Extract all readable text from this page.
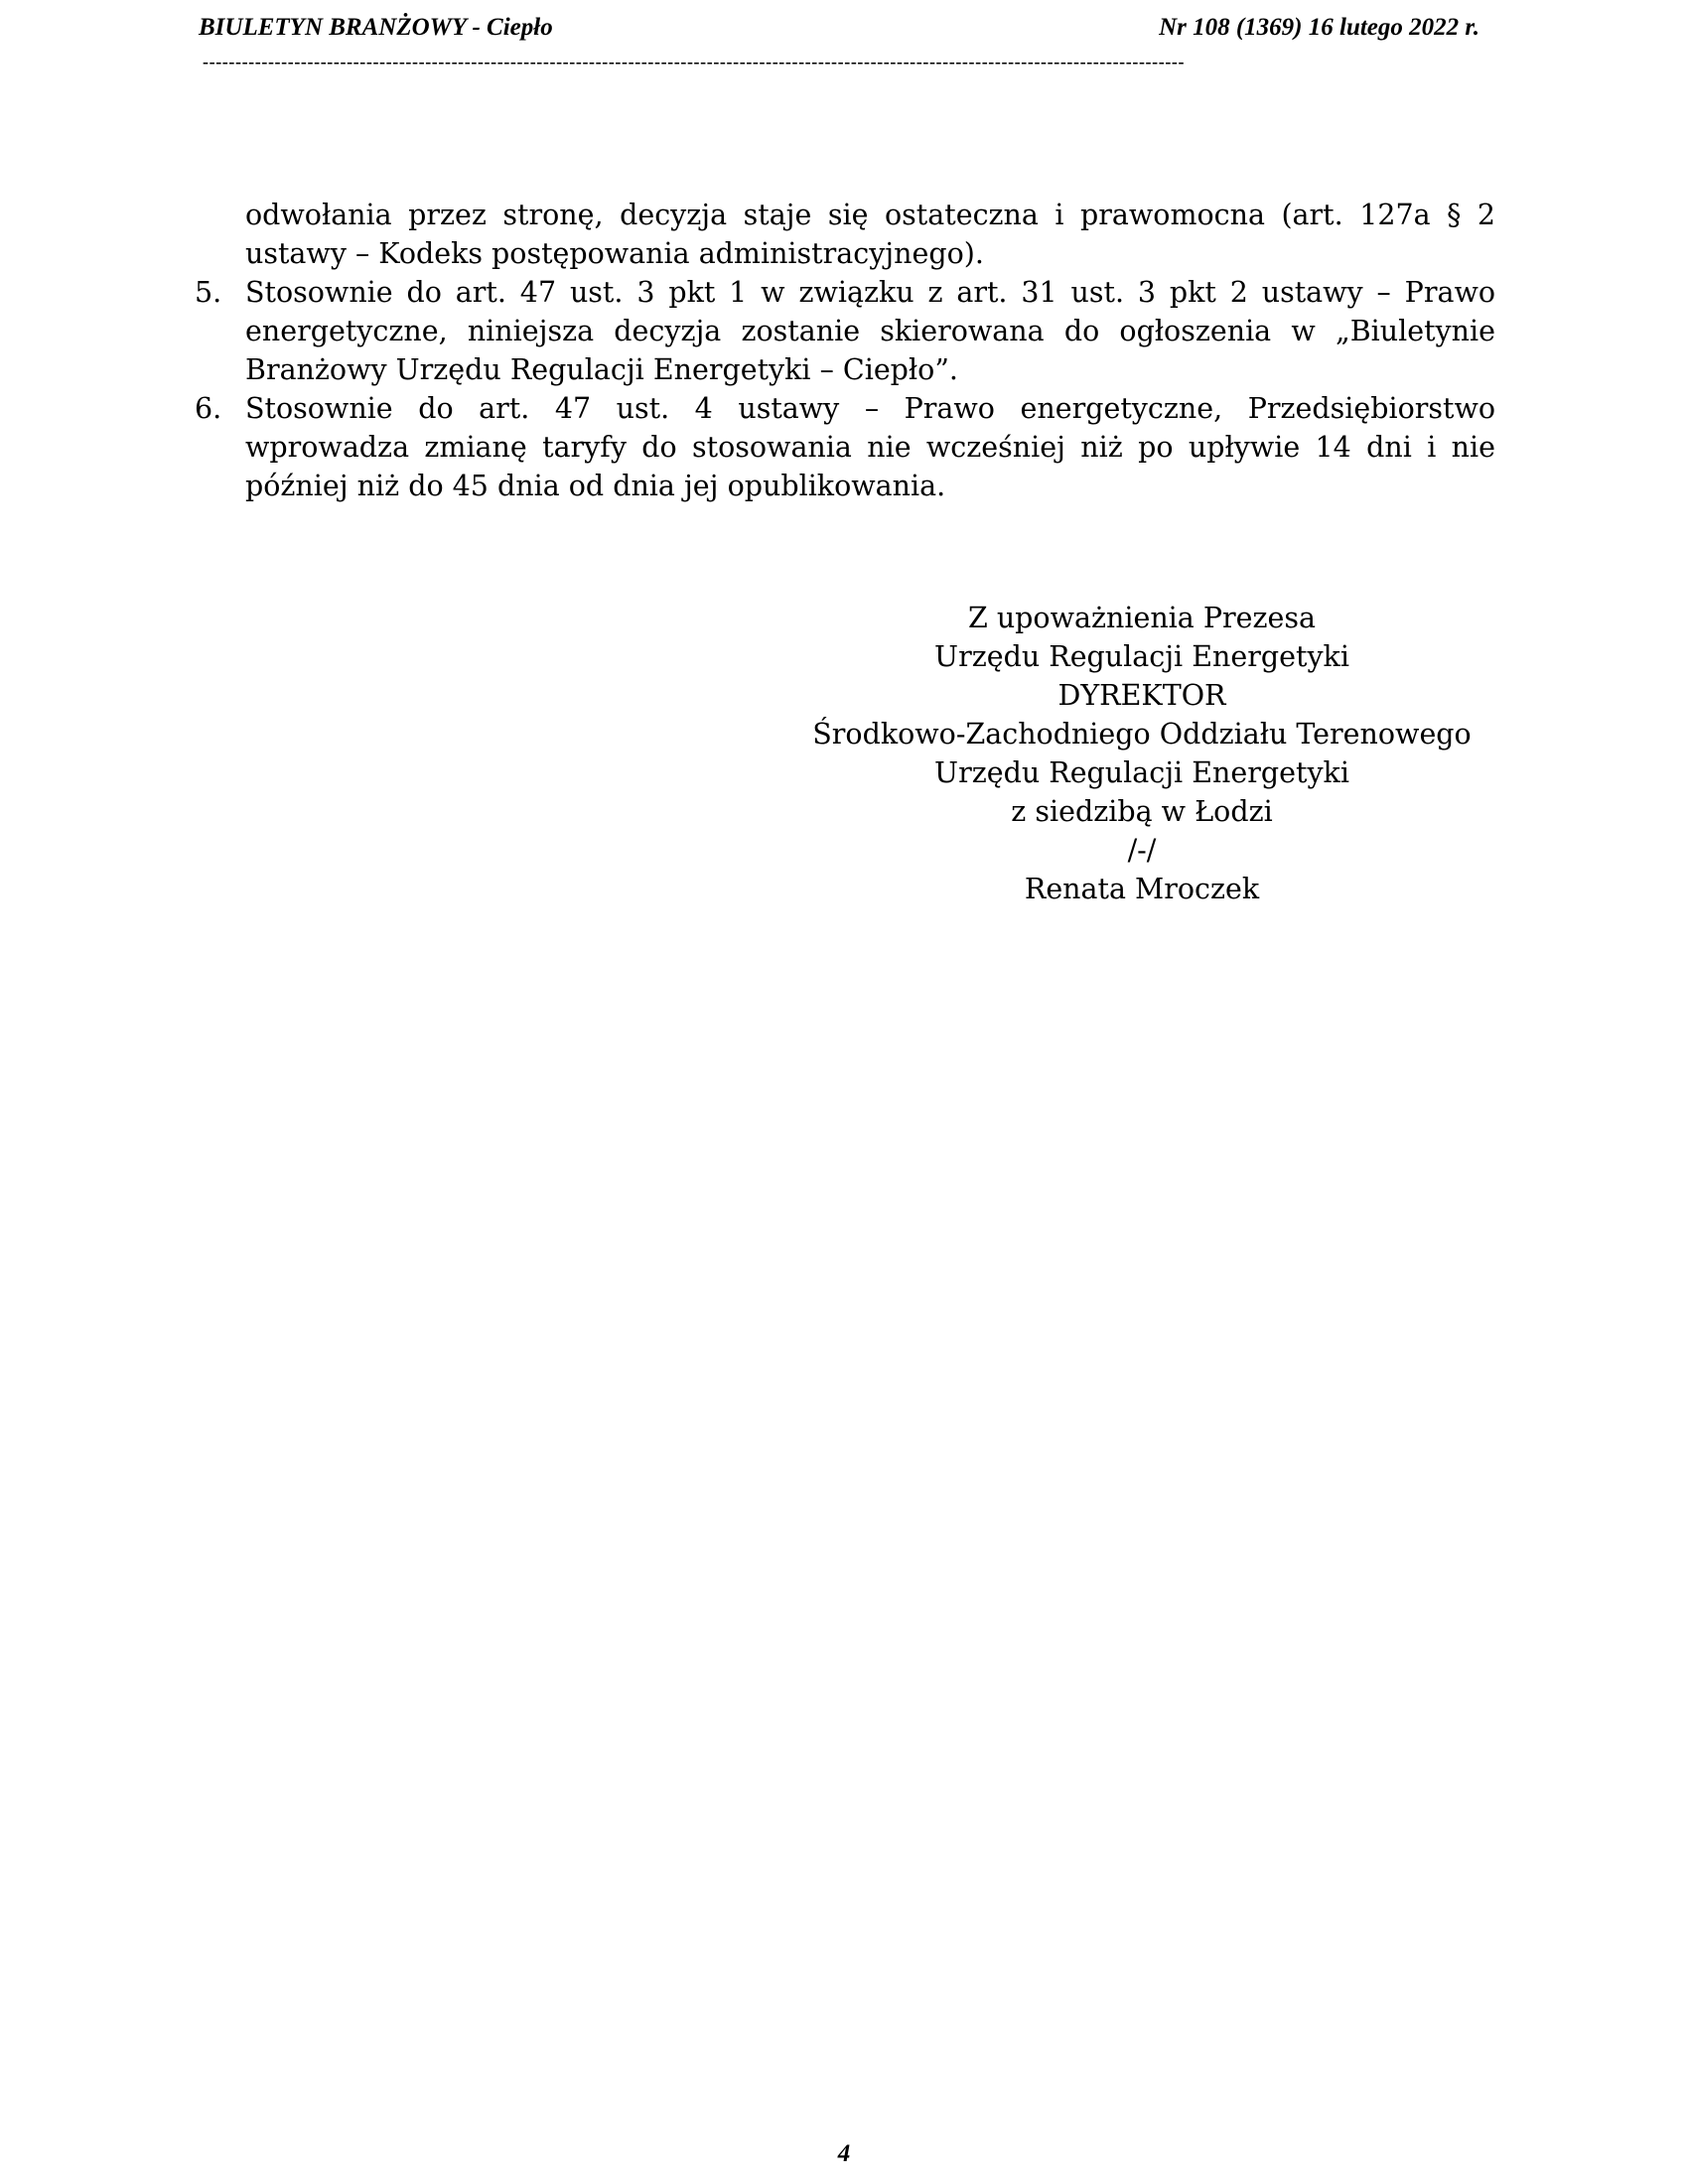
BIULETYN BRANŻOWY - Ciepło	Nr 108 (1369) 16 lutego 2022 r.
------------------------------------------------------------------------------------------------------------------------------------------------------
odwołania przez stronę, decyzja staje się ostateczna i prawomocna (art. 127a § 2 ustawy – Kodeks postępowania administracyjnego).
5. Stosownie do art. 47 ust. 3 pkt 1 w związku z art. 31 ust. 3 pkt 2 ustawy – Prawo energetyczne, niniejsza decyzja zostanie skierowana do ogłoszenia w „Biuletynie Branżowy Urzędu Regulacji Energetyki – Ciepło”.
6. Stosownie do art. 47 ust. 4 ustawy – Prawo energetyczne, Przedsiębiorstwo wprowadza zmianę taryfy do stosowania nie wcześniej niż po upływie 14 dni i nie później niż do 45 dnia od dnia jej opublikowania.
Z upoważnienia Prezesa
Urzędu Regulacji Energetyki
DYREKTOR
Środkowo-Zachodniego Oddziału Terenowego
Urzędu Regulacji Energetyki
z siedzibą w Łodzi
/-/
Renata Mroczek
4
